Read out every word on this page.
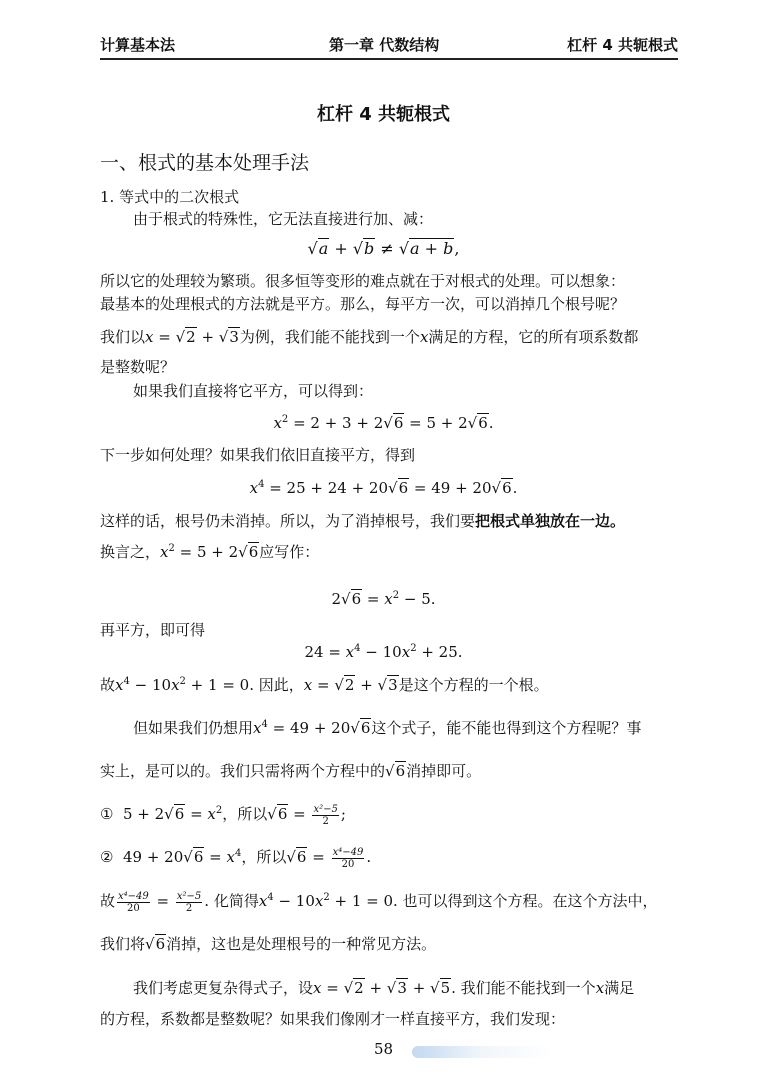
计算基本法	第一章 代数结构	杠杆 4 共轭根式
杠杆 4 共轭根式
一、根式的基本处理手法
1. 等式中的二次根式
由于根式的特殊性，它无法直接进行加、减：
√a + √b ≠ √a + b,
所以它的处理较为繁琐。很多恒等变形的难点就在于对根式的处理。可以想象：
最基本的处理根式的方法就是平方。那么，每平方一次，可以消掉几个根号呢？
我们以x = √2 + √3为例，我们能不能找到一个x满足的方程，它的所有项系数都
是整数呢？
如果我们直接将它平方，可以得到：
$x^2 = 2 + 3 + 2√6 = 5 + 2√6$.
下一步如何处理？如果我们依旧直接平方，得到
$x^4 = 25 + 24 + 20√6 = 49 + 20√6$.
这样的话，根号仍未消掉。所以，为了消掉根号，我们要把根式单独放在一边。
换言之，$x^2 = 5 + 2√6$应写作：
$2√6 = x^2 - 5$.
再平方，即可得
$24 = x^4 - 10x^2 + 25$.
故$x^4 - 10x^2 + 1 = 0$. 因此，x = √2 + √3是这个方程的一个根。
但如果我们仍想用$x^4 = 49 + 20√6$这个式子，能不能也得到这个方程呢？事
实上，是可以的。我们只需将两个方程中的√6消掉即可。
①  $5 + 2√6 = x^2$，所以$√6 = \frac{\text{x²−5}}{2}$ ;
②  $49 + 20√6 = x^4$，所以$√6 = \frac{\text{x⁴−49}}{20}$ .
故 $\frac{\text{x⁴−49}}{20} = \frac{\text{x²−5}}{2}$ . 化简得$x^4 - 10x^2 + 1 = 0$. 也可以得到这个方程。在这个方法中，
我们将√6消掉，这也是处理根号的一种常见方法。
我们考虑更复杂得式子，设x = √2 + √3 + √5. 我们能不能找到一个x满足
的方程，系数都是整数呢？如果我们像刚才一样直接平方，我们发现：
58
